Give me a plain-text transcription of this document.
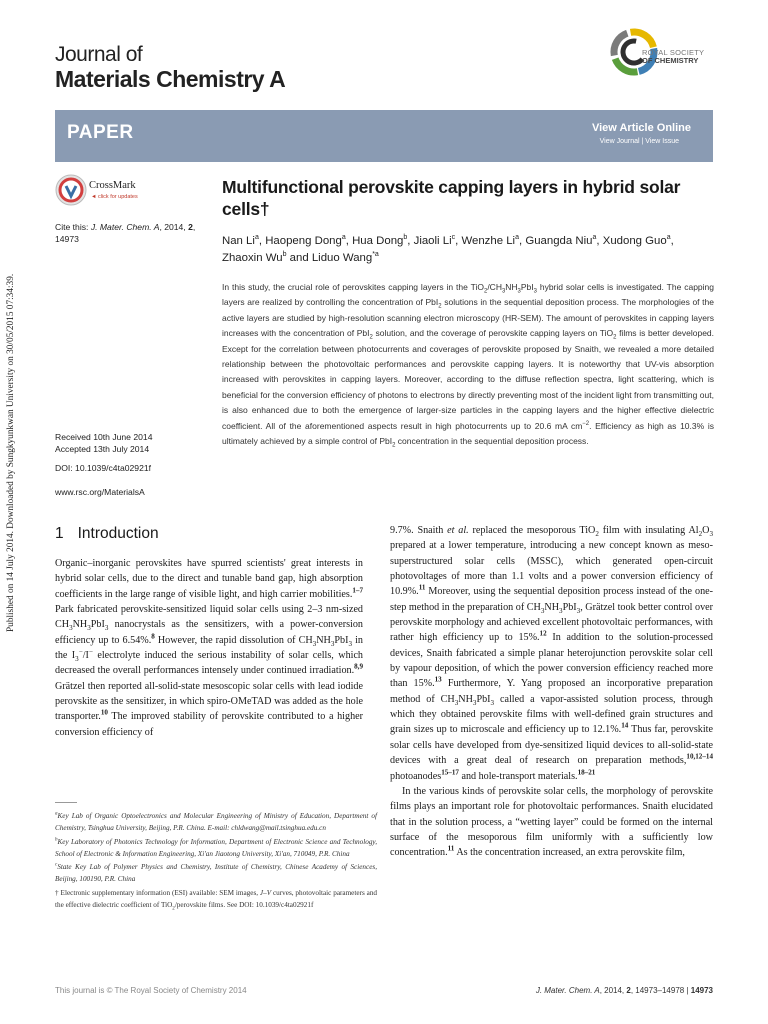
Published on 14 July 2014. Downloaded by Sungkyunkwan University on 30/05/2015 07:34:39.
Journal of
Materials Chemistry A
ROYAL SOCIETY
OF CHEMISTRY
PAPER	View Article Online
View Journal | View Issue
CrossMark
◄ click for updates
Cite this: J. Mater. Chem. A, 2014, 2,
14973
Received 10th June 2014
Accepted 13th July 2014
DOI: 10.1039/c4ta02921f
www.rsc.org/MaterialsA
Multifunctional perovskite capping layers in hybrid solar cells†
Nan Li$^a$, Haopeng Dong$^a$, Hua Dong$^b$, Jiaoli Li$^c$, Wenzhe Li$^a$, Guangda Niu$^a$, Xudong Guo$^a$, Zhaoxin Wu$^b$ and Liduo Wang$^{*a}$
In this study, the crucial role of perovskites capping layers in the $TiO_2/CH_3NH_3PbI_3$ hybrid solar cells is investigated. The capping layers are realized by controlling the concentration of PbI$_2$ solutions in the sequential deposition process. The morphologies of the active layers are studied by high-resolution scanning electron microscopy (HR-SEM). The amount of perovskites in capping layers increases with the concentration of PbI$_2$ solution, and the coverage of perovskite capping layers on TiO$_2$ films is better developed. Except for the correlation between photocurrents and coverages of perovskite proposed by Snaith, we revealed a more detailed relationship between the photovoltaic performances and perovskite capping layers. It is noteworthy that UV-vis absorption increased with perovskites in capping layers. Moreover, according to the diffuse reflection spectra, light scattering, which is beneficial for the conversion efficiency of photons to electrons by directly preventing most of the incident light from transmitting out, is also enhanced due to both the emergence of larger-size particles in the capping layers and the higher effective dielectric coefficient. All of the aforementioned aspects result in high photocurrents up to 20.6 mA $cm^{-2}$. Efficiency as high as 10.3% is ultimately achieved by a simple control of PbI$_2$ concentration in the sequential deposition process.
1 Introduction

Organic–inorganic perovskites have spurred scientists' great interests in hybrid solar cells, due to the direct and tunable band gap, high absorption coefficients in the large range of visible light, and high carrier mobilities.$^{1-7}$ Park fabricated perovskite-sensitized liquid solar cells using 2–3 nm-sized $CH_3NH_3PbI_3$ nanocrystals as the sensitizers, with a power-conversion efficiency up to 6.54%.$^8$ However, the rapid dissolution of $CH_3NH_3PbI_3$ in the $I_3^-/I^-$ electrolyte induced the serious instability of solar cells, which decreased the overall performances intensely under continued irradiation.$^{8,9}$ Grätzel then reported all-solid-state mesoscopic solar cells with lead iodide perovskite as the sensitizer, in which spiro-OMeTAD was added as the hole transporter.$^{10}$ The improved stability of perovskite contributed to a higher conversion efficiency of

9.7%. Snaith et al. replaced the mesoporous TiO$_2$ film with insulating $Al_2O_3$ prepared at a lower temperature, introducing a new concept known as meso-superstructured solar cells (MSSC), which generated open-circuit photovoltages of more than 1.1 volts and a power conversion efficiency of 10.9%.$^{11}$ Moreover, using the sequential deposition process instead of the one-step method in the preparation of $CH_3NH_3PbI_3$, Grätzel took better control over perovskite morphology and achieved excellent photovoltaic performances, with rather high efficiency up to 15%.$^{12}$ In addition to the solution-processed devices, Snaith fabricated a simple planar heterojunction perovskite solar cell by vapour deposition, of which the power conversion efficiency reached more than 15%.$^{13}$ Furthermore, Y. Yang proposed an incorporative preparation method of $CH_3NH_3PbI_3$ called a vapor-assisted solution process, through which they obtained perovskite films with well-defined grain structures and grain sizes up to microscale and efficiency up to 12.1%.$^{14}$ Thus far, perovskite solar cells have developed from dye-sensitized liquid devices to all-solid-state devices with a great deal of research on preparation methods,$^{10,12-14}$ photoanodes$^{15-17}$ and hole-transport materials.$^{18-21}$

In the various kinds of perovskite solar cells, the morphology of perovskite films plays an important role for photovoltaic performances. Snaith elucidated that in the solution process, a “wetting layer” could be formed on the internal surface of the mesoporous film uniformly with a sufficiently low concentration.$^{11}$ As the concentration increased, an extra perovskite film,

$^a$Key Lab of Organic Optoelectronics and Molecular Engineering of Ministry of Education, Department of Chemistry, Tsinghua University, Beijing, P.R. China. E-mail: chldwang@mail.tsinghua.edu.cn
$^b$Key Laboratory of Photonics Technology for Information, Department of Electronic Science and Technology, School of Electronic & Information Engineering, Xi'an Jiaotong University, Xi'an, 710049, P.R. China
$^c$State Key Lab of Polymer Physics and Chemistry, Institute of Chemistry, Chinese Academy of Sciences, Beijing, 100190, P.R. China
† Electronic supplementary information (ESI) available: SEM images, J–V curves, photovoltaic parameters and the effective dielectric coefficient of TiO$_2$/perovskite films. See DOI: 10.1039/c4ta02921f
This journal is © The Royal Society of Chemistry 2014	J. Mater. Chem. A, 2014, 2, 14973–14978 | 14973
